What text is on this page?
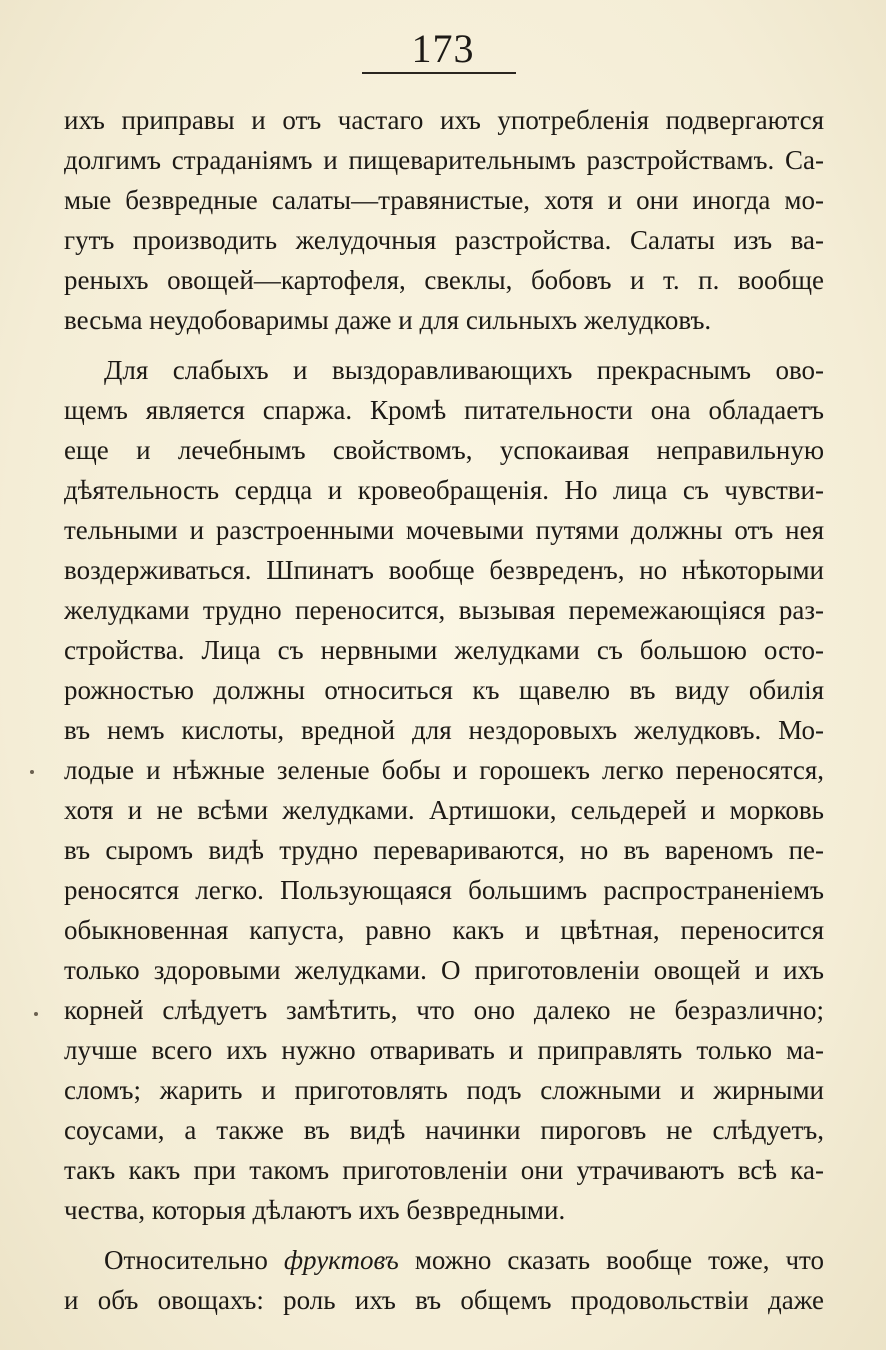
173
ихъ приправы и отъ частаго ихъ употребленія подвергаются
долгимъ страданіямъ и пищеварительнымъ разстройствамъ. Са-
мые безвредные салаты—травянистые, хотя и они иногда мо-
гутъ производить желудочныя разстройства. Салаты изъ ва-
реныхъ овощей—картофеля, свеклы, бобовъ и т. п. вообще
весьма неудобоваримы даже и для сильныхъ желудковъ.
Для слабыхъ и выздоравливающихъ прекраснымъ ово-
щемъ является спаржа. Кромѣ питательности она обладаетъ
еще и лечебнымъ свойствомъ, успокаивая неправильную
дѣятельность сердца и кровеобращенія. Но лица съ чувстви-
тельными и разстроенными мочевыми путями должны отъ нея
воздерживаться. Шпинатъ вообще безвреденъ, но нѣкоторыми
желудками трудно переносится, вызывая перемежающіяся раз-
стройства. Лица съ нервными желудками съ большою осто-
рожностью должны относиться къ щавелю въ виду обилія
въ немъ кислоты, вредной для нездоровыхъ желудковъ. Мо-
лодые и нѣжные зеленые бобы и горошекъ легко переносятся,
хотя и не всѣми желудками. Артишоки, сельдерей и морковь
въ сыромъ видѣ трудно перевариваются, но въ вареномъ пе-
реносятся легко. Пользующаяся большимъ распространеніемъ
обыкновенная капуста, равно какъ и цвѣтная, переносится
только здоровыми желудками. О приготовленіи овощей и ихъ
корней слѣдуетъ замѣтить, что оно далеко не безразлично;
лучше всего ихъ нужно отваривать и приправлять только ма-
сломъ; жарить и приготовлять подъ сложными и жирными
соусами, а также въ видѣ начинки пироговъ не слѣдуетъ,
такъ какъ при такомъ приготовленіи они утрачиваютъ всѣ ка-
чества, которыя дѣлаютъ ихъ безвредными.
Относительно фруктовъ можно сказать вообще тоже, что
и объ овощахъ: роль ихъ въ общемъ продовольствіи даже
